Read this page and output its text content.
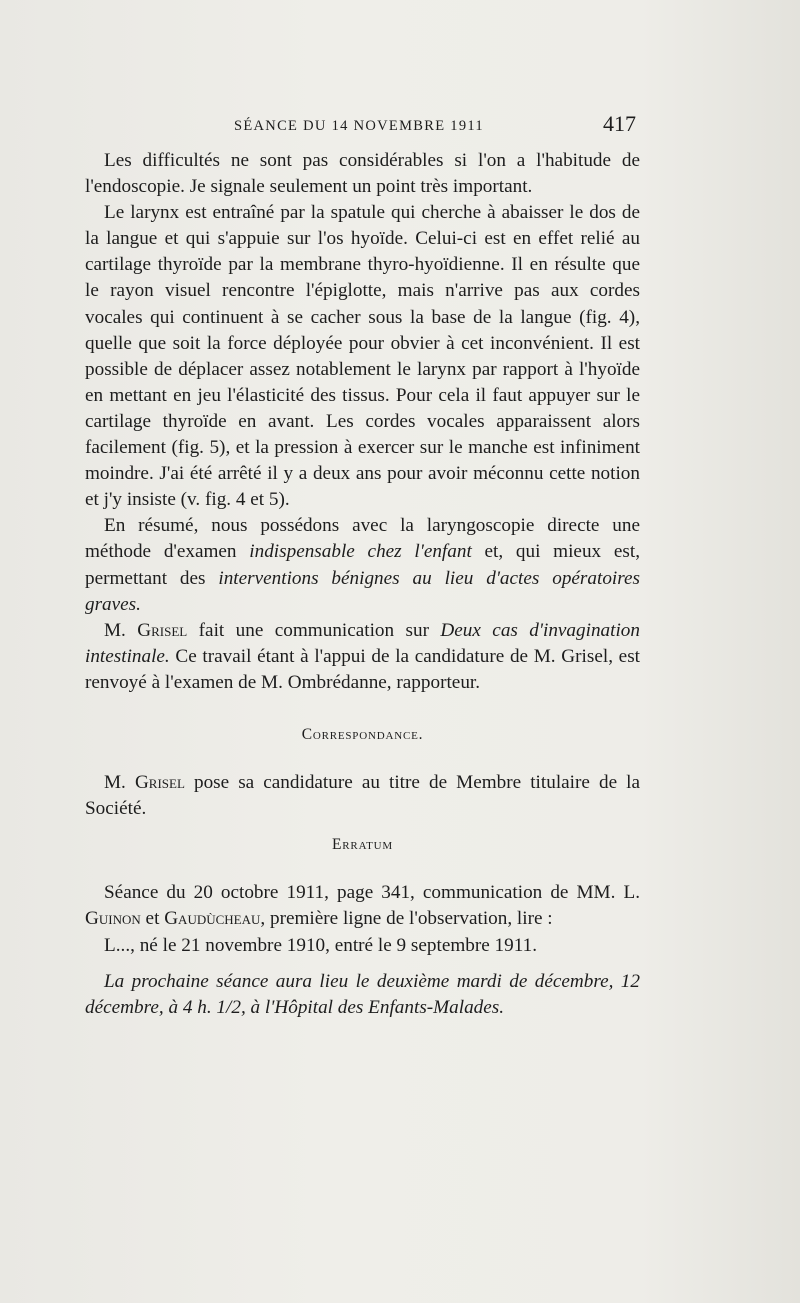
SÉANCE DU 14 NOVEMBRE 1911	417

Les difficultés ne sont pas considérables si l'on a l'habitude de l'endoscopie. Je signale seulement un point très important.

Le larynx est entraîné par la spatule qui cherche à abaisser le dos de la langue et qui s'appuie sur l'os hyoïde. Celui-ci est en effet relié au cartilage thyroïde par la membrane thyro-hyoïdienne. Il en résulte que le rayon visuel rencontre l'épiglotte, mais n'arrive pas aux cordes vocales qui continuent à se cacher sous la base de la langue (fig. 4), quelle que soit la force déployée pour obvier à cet inconvénient. Il est possible de déplacer assez notablement le larynx par rapport à l'hyoïde en mettant en jeu l'élasticité des tissus. Pour cela il faut appuyer sur le cartilage thyroïde en avant. Les cordes vocales apparaissent alors facilement (fig. 5), et la pression à exercer sur le manche est infiniment moindre. J'ai été arrêté il y a deux ans pour avoir méconnu cette notion et j'y insiste (v. fig. 4 et 5).

En résumé, nous possédons avec la laryngoscopie directe une méthode d'examen indispensable chez l'enfant et, qui mieux est, permettant des interventions bénignes au lieu d'actes opératoires graves.

M. Grisel fait une communication sur Deux cas d'invagination intestinale. Ce travail étant à l'appui de la candidature de M. Grisel, est renvoyé à l'examen de M. Ombrédanne, rapporteur.

Correspondance.

M. Grisel pose sa candidature au titre de Membre titulaire de la Société.

Erratum

Séance du 20 octobre 1911, page 341, communication de MM. L. Guinon et Gaudùcheau, première ligne de l'observation, lire :

L..., né le 21 novembre 1910, entré le 9 septembre 1911.

La prochaine séance aura lieu le deuxième mardi de décembre, 12 décembre, à 4 h. 1/2, à l'Hôpital des Enfants-Malades.
